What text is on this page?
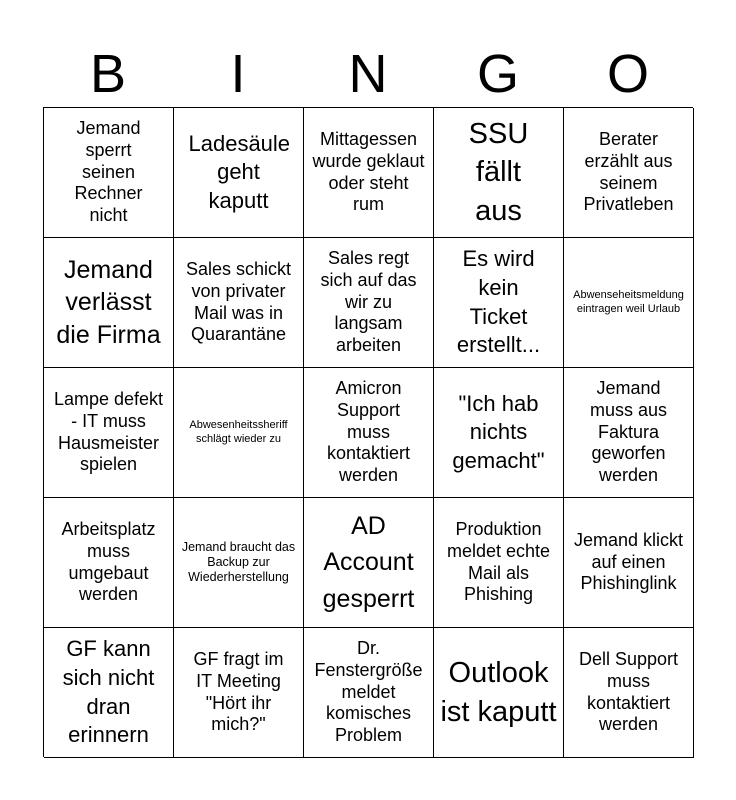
B	I	N	G	O
Jemand sperrt seinen Rechner nicht
Ladesäule geht kaputt
Mittagessen wurde geklaut oder steht rum
SSU fällt aus
Berater erzählt aus seinem Privatleben
Jemand verlässt die Firma
Sales schickt von privater Mail was in Quarantäne
Sales regt sich auf das wir zu langsam arbeiten
Es wird kein Ticket erstellt...
Abwenseheitsmeldung eintragen weil Urlaub
Lampe defekt - IT muss Hausmeister spielen
Abwesenheitssheriff schlägt wieder zu
Amicron Support muss kontaktiert werden
"Ich hab nichts gemacht"
Jemand muss aus Faktura geworfen werden
Arbeitsplatz muss umgebaut werden
Jemand braucht das Backup zur Wiederherstellung
AD Account gesperrt
Produktion meldet echte Mail als Phishing
Jemand klickt auf einen Phishinglink
GF kann sich nicht dran erinnern
GF fragt im IT Meeting "Hört ihr mich?"
Dr. Fenstergröße meldet komisches Problem
Outlook ist kaputt
Dell Support muss kontaktiert werden
